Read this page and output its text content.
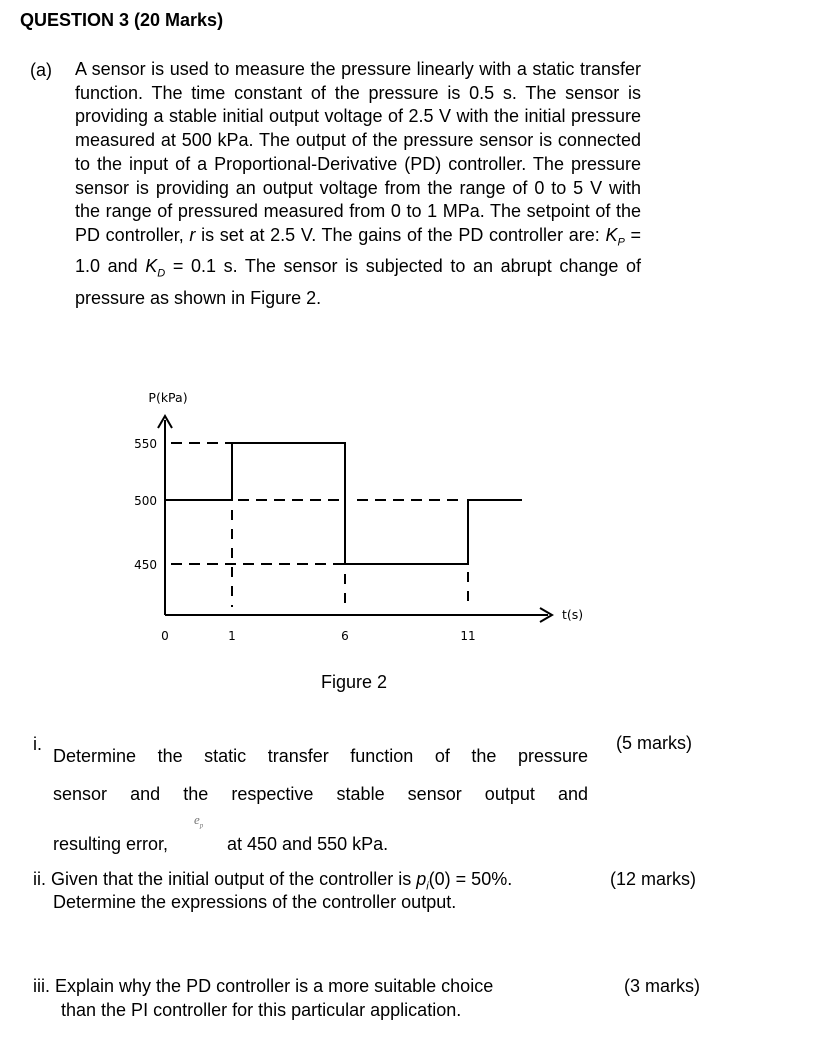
QUESTION 3 (20 Marks)
(a) A sensor is used to measure the pressure linearly with a static transfer function. The time constant of the pressure is 0.5 s. The sensor is providing a stable initial output voltage of 2.5 V with the initial pressure measured at 500 kPa. The output of the pressure sensor is connected to the input of a Proportional-Derivative (PD) controller. The pressure sensor is providing an output voltage from the range of 0 to 5 V with the range of pressured measured from 0 to 1 MPa. The setpoint of the PD controller, r is set at 2.5 V. The gains of the PD controller are: $K_P = 1.0$ and $K_D = 0.1$ s. The sensor is subjected to an abrupt change of pressure as shown in Figure 2.
550
500
450
0	1	6	11
P(kPa)
t(s)
Figure 2
i.
Determine the static transfer function of the pressure
sensor and the respective stable sensor output and
resulting error,
$e_p$
at 450 and 550 kPa.
(5 marks)
ii. Given that the initial output of the controller is $p_i(0) = 50\%$.
Determine the expressions of the controller output.
(12 marks)
iii. Explain why the PD controller is a more suitable choice
than the PI controller for this particular application.
(3 marks)
